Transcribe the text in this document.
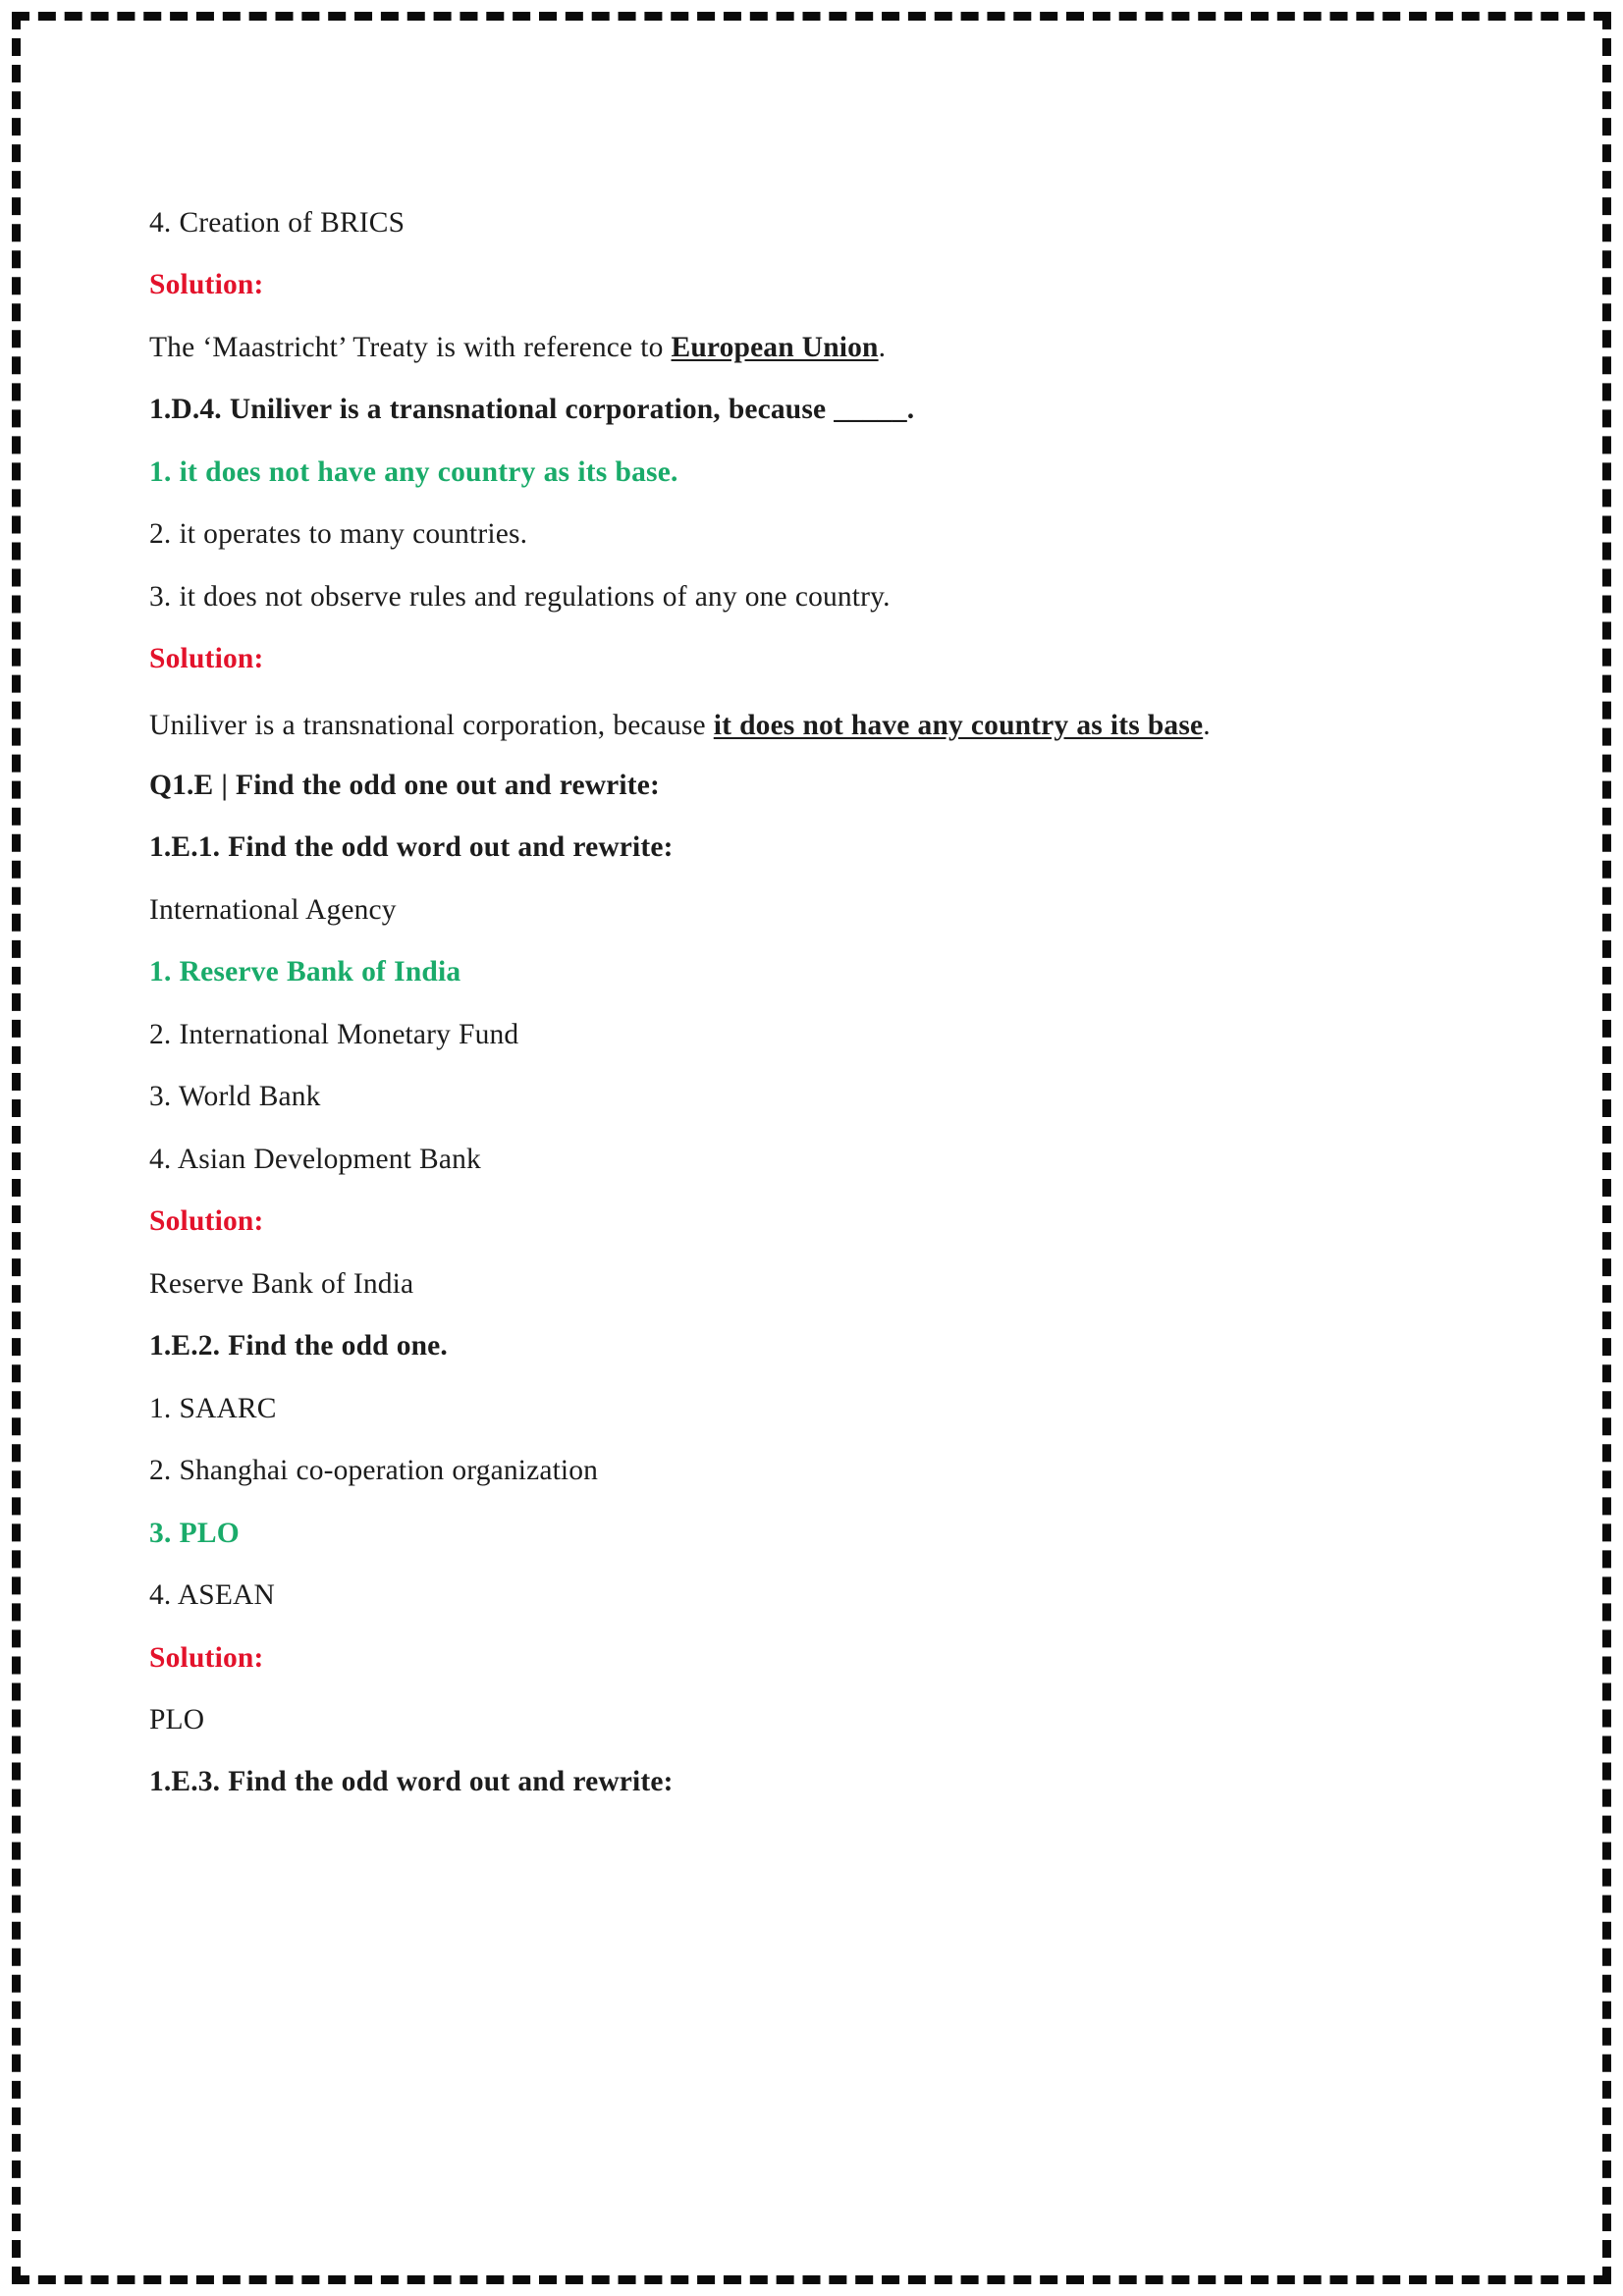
4. Creation of BRICS

Solution:

The ‘Maastricht’ Treaty is with reference to European Union.

1.D.4. Uniliver is a transnational corporation, because _____.

1. it does not have any country as its base.

2. it operates to many countries.

3. it does not observe rules and regulations of any one country.

Solution:

Uniliver is a transnational corporation, because it does not have any country as its base.

Q1.E | Find the odd one out and rewrite:

1.E.1. Find the odd word out and rewrite:

International Agency

1. Reserve Bank of India

2. International Monetary Fund

3. World Bank

4. Asian Development Bank

Solution:

Reserve Bank of India

1.E.2. Find the odd one.

1. SAARC

2. Shanghai co-operation organization

3. PLO

4. ASEAN

Solution:

PLO

1.E.3. Find the odd word out and rewrite:
